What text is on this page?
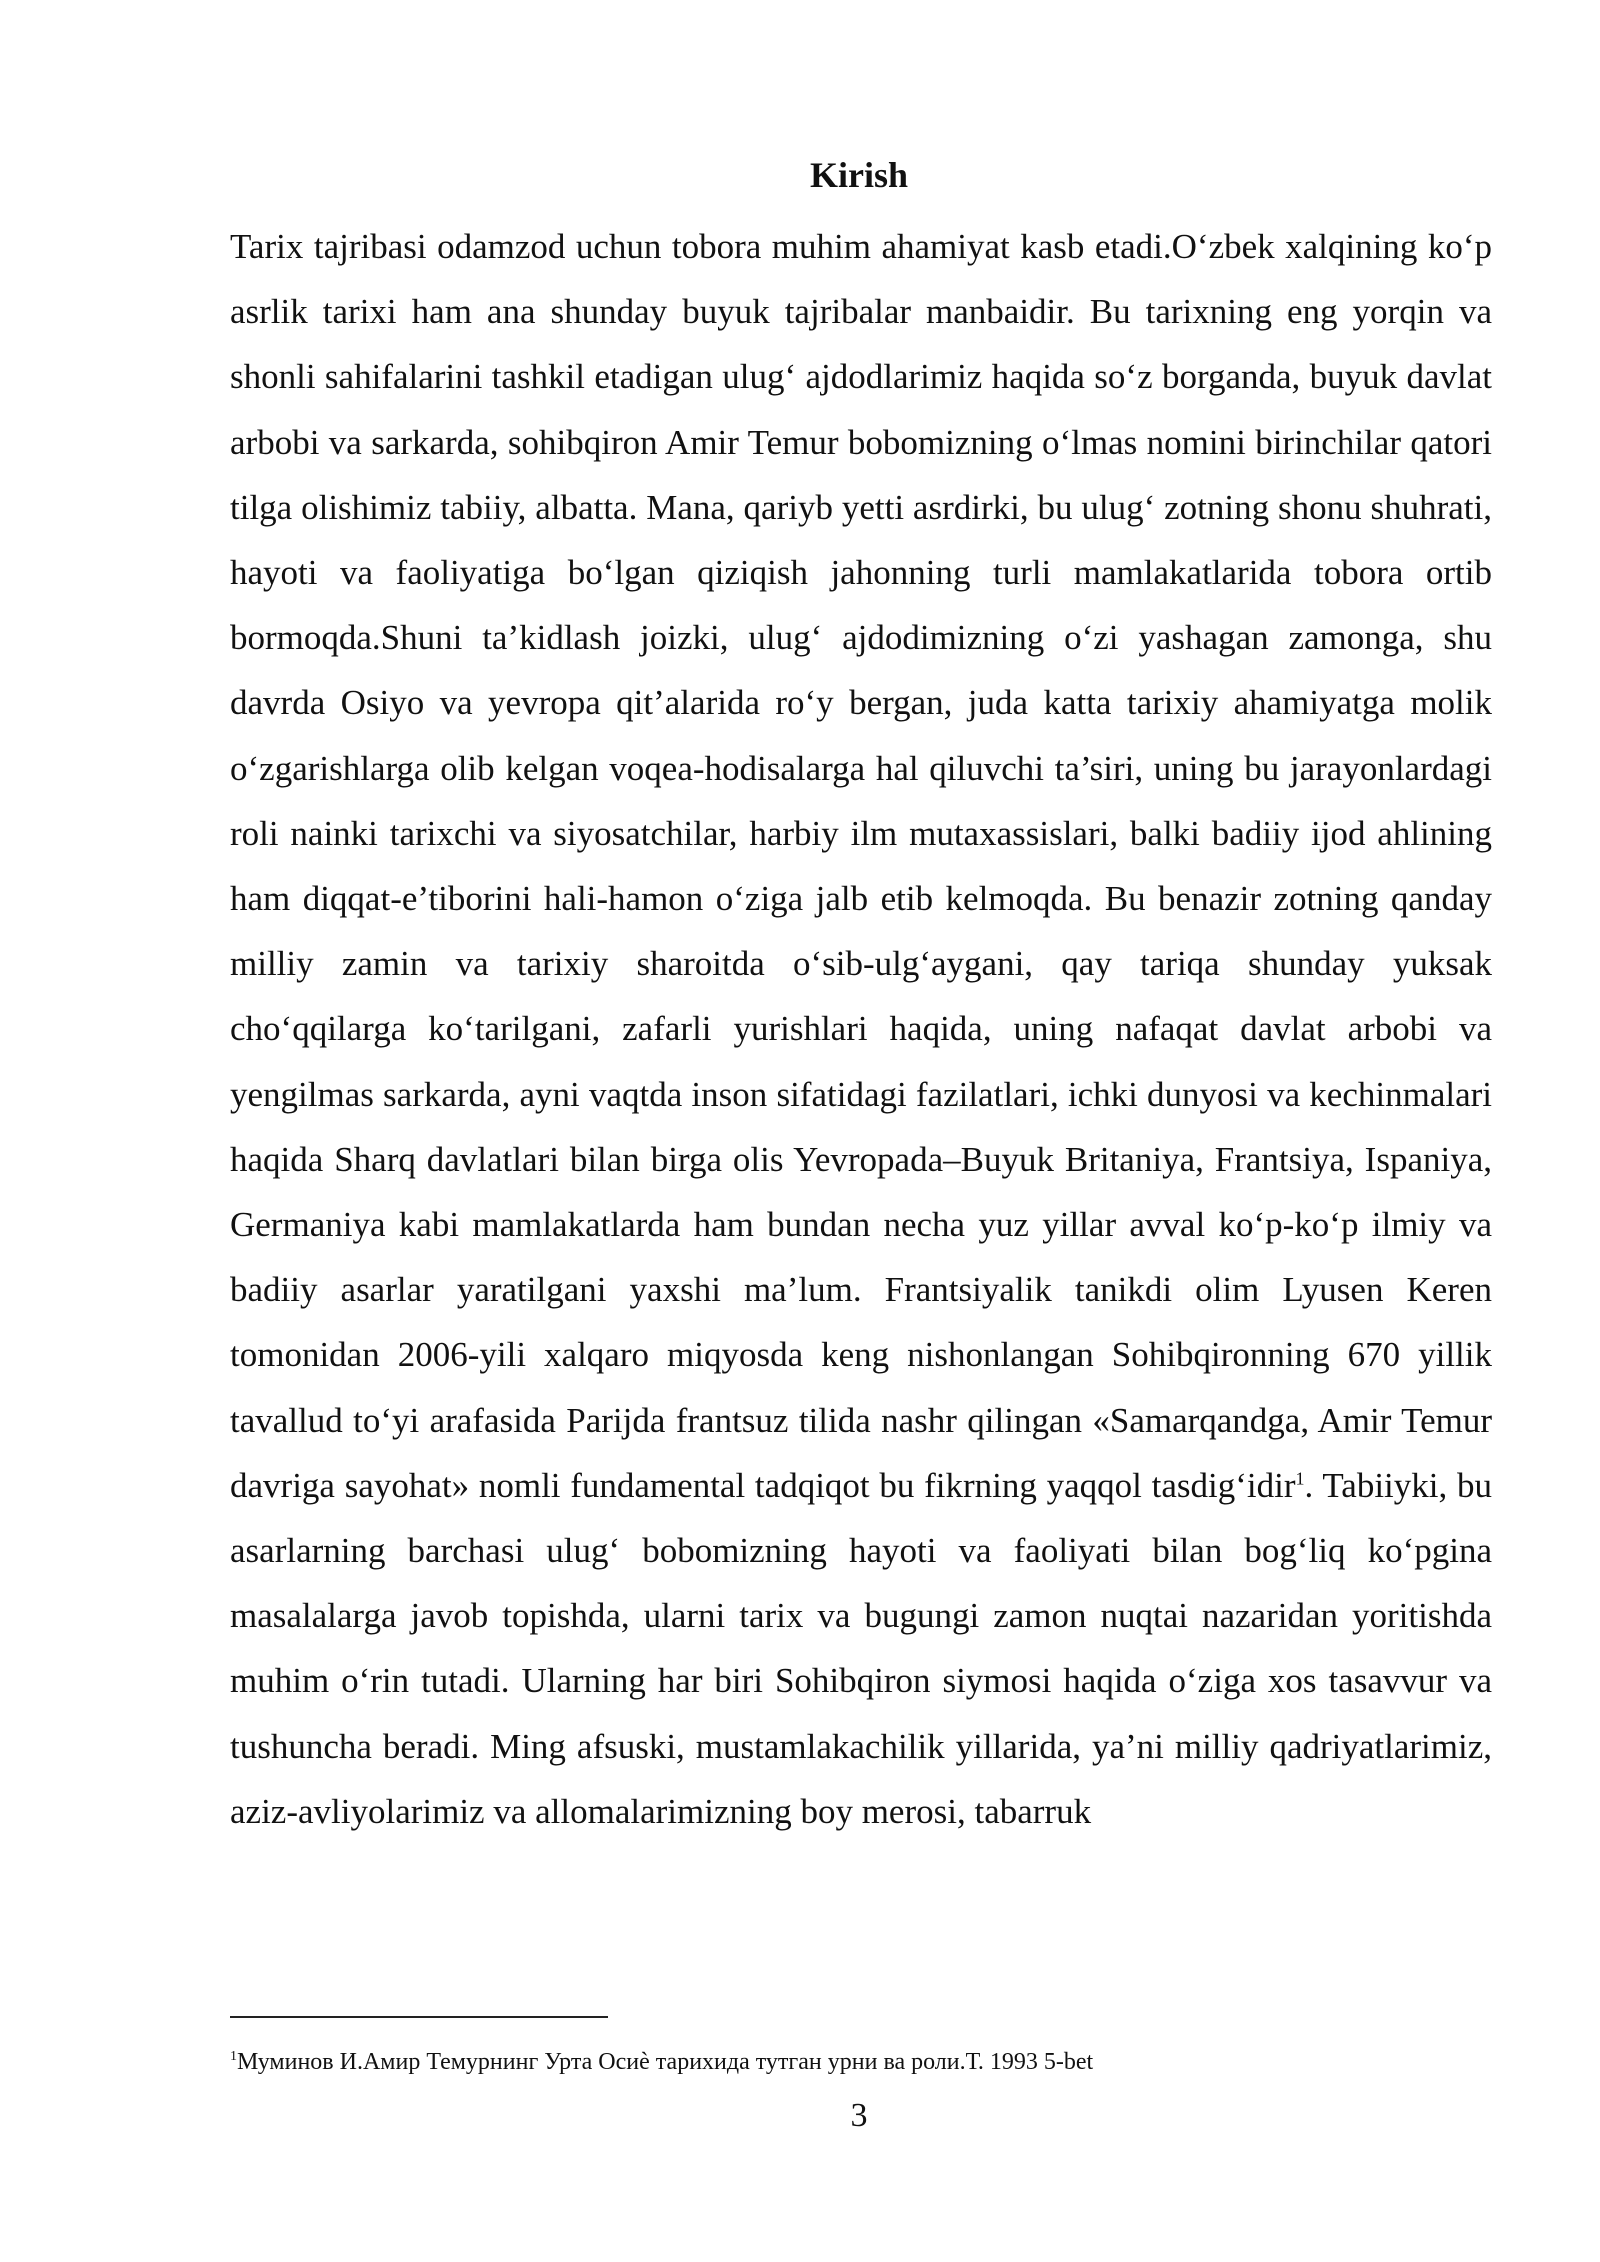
Kirish

Tarix tajribasi odamzod uchun tobora muhim ahamiyat kasb etadi.O‘zbek xalqining ko‘p asrlik tarixi ham ana shunday buyuk tajribalar manbaidir. Bu tarixning eng yorqin va shonli sahifalarini tashkil etadigan ulug‘ ajdodlarimiz haqida so‘z borganda, buyuk davlat arbobi va sarkarda, sohibqiron Amir Temur bobomizning o‘lmas nomini birinchilar qatori tilga olishimiz tabiiy, albatta. Mana, qariyb yetti asrdirki, bu ulug‘ zotning shonu shuhrati, hayoti va faoliyatiga bo‘lgan qiziqish jahonning turli mamlakatlarida tobora ortib bormoqda.Shuni ta’kidlash joizki, ulug‘ ajdodimizning o‘zi yashagan zamonga, shu davrda Osiyo va yevropa qit’alarida ro‘y bergan, juda katta tarixiy ahamiyatga molik o‘zgarishlarga olib kelgan voqea-hodisalarga hal qiluvchi ta’siri, uning bu jarayonlardagi roli nainki tarixchi va siyosatchilar, harbiy ilm mutaxassislari, balki badiiy ijod ahlining ham diqqat-e’tiborini hali-hamon o‘ziga jalb etib kelmoqda. Bu benazir zotning qanday milliy zamin va tarixiy sharoitda o‘sib-ulg‘aygani, qay tariqa shunday yuksak cho‘qqilarga ko‘tarilgani, zafarli yurishlari haqida, uning nafaqat davlat arbobi va yengilmas sarkarda, ayni vaqtda inson sifatidagi fazilatlari, ichki dunyosi va kechinmalari haqida Sharq davlatlari bilan birga olis Yevropada–Buyuk Britaniya, Frantsiya, Ispaniya, Germaniya kabi mamlakatlarda ham bundan necha yuz yillar avval ko‘p-ko‘p ilmiy va badiiy asarlar yaratilgani yaxshi ma’lum. Frantsiyalik tanikdi olim Lyusen Keren tomonidan 2006-yili xalqaro miqyosda keng nishonlangan Sohibqironning 670 yillik tavallud to‘yi arafasida Parijda frantsuz tilida nashr qilingan «Samarqandga, Amir Temur davriga sayohat» nomli fundamental tadqiqot bu fikrning yaqqol tasdig‘idir$^1$. Tabiiyki, bu asarlarning barchasi ulug‘ bobomizning hayoti va faoliyati bilan bog‘liq ko‘pgina masalalarga javob topishda, ularni tarix va bugungi zamon nuqtai nazaridan yoritishda muhim o‘rin tutadi. Ularning har biri Sohibqiron siymosi haqida o‘ziga xos tasavvur va tushuncha beradi. Ming afsuski, mustamlakachilik yillarida, ya’ni milliy qadriyatlarimiz, aziz-avliyolarimiz va allomalarimizning boy merosi, tabarruk

$^1$Муминов И.Амир Темурнинг Урта Осиѐ тарихида тутган урни ва роли.Т. 1993 5-bet

3
